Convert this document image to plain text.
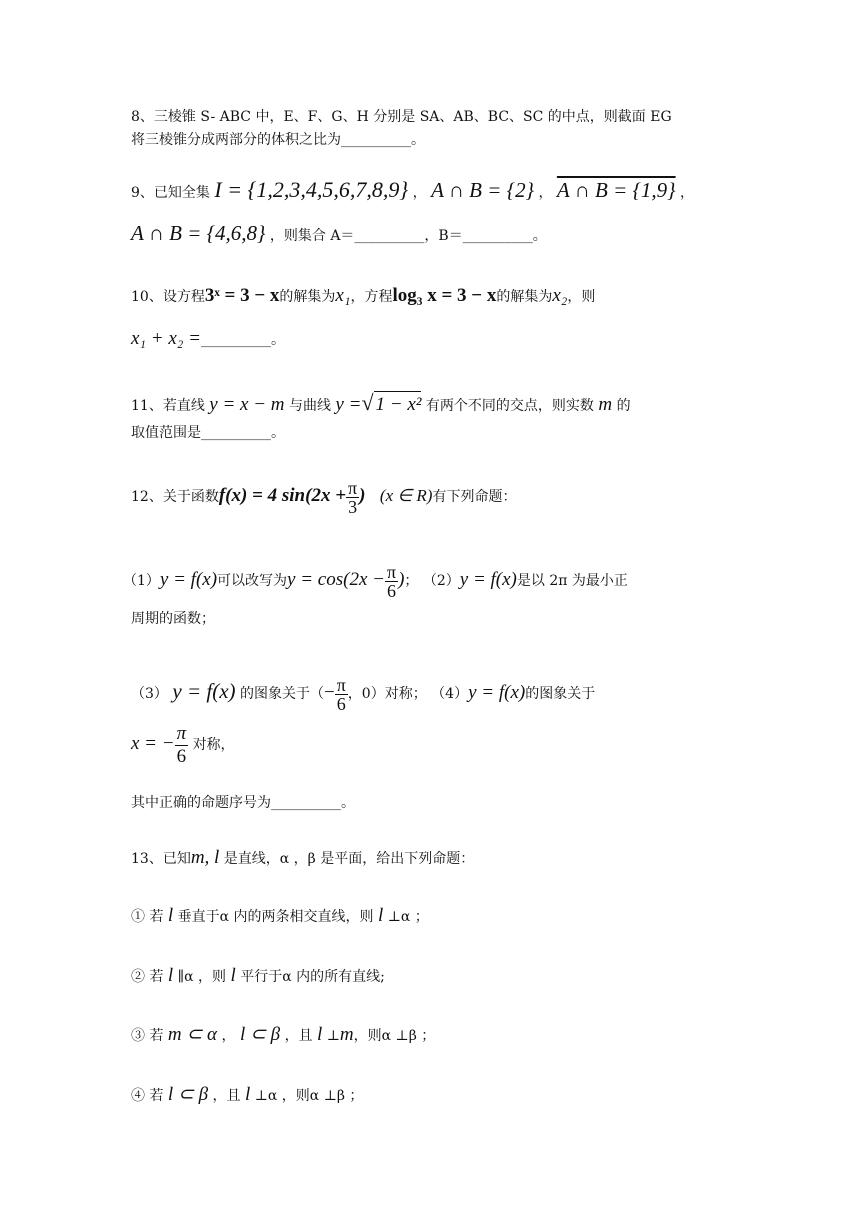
8、三棱锥 S- ABC 中，E、F、G、H 分别是 SA、AB、BC、SC 的中点，则截面 EG
将三棱锥分成两部分的体积之比为__________。
9、已知全集 I = {1,2,3,4,5,6,7,8,9} ， A ∩ B = {2} ， A ∩ B = {1,9} ，
A ∩ B = {4,6,8} ，则集合 A＝__________，B＝__________。
10、设方程3ˣ = 3 − x的解集为x₁，方程log₃ x = 3 − x的解集为x₂，则
x₁ + x₂ =__________。
11、若直线 y = x − m 与曲线 y =√ 1 − x² 有两个不同的交点，则实数 m 的
取值范围是__________。
12、关于函数f(x) = 4 $\sin(2x + \frac{\pi}{3}$ ) (x ∈ R)有下列命题：
（1）y = f(x)可以改写为$y = \cos(2x - \frac{\pi}{6}$ )； （2）y = f(x)是以 2π 为最小正
周期的函数；
（3） y = f(x) 的图象关于（− $\frac{\pi}{6}$ ，0）对称； （4）y = f(x)的图象关于
x = − $\frac{\pi}{6}$ 对称，
其中正确的命题序号为__________。
13、已知m, l 是直线，α ，β 是平面，给出下列命题：
① 若 l 垂直于α 内的两条相交直线，则 l ⊥α ；
② 若 l ∥α ，则 l 平行于α 内的所有直线;
③ 若 m ⊂ α ， l ⊂ β ，且 l ⊥m，则α ⊥β ；
④ 若 l ⊂ β ，且 l ⊥α ，则α ⊥β ；
